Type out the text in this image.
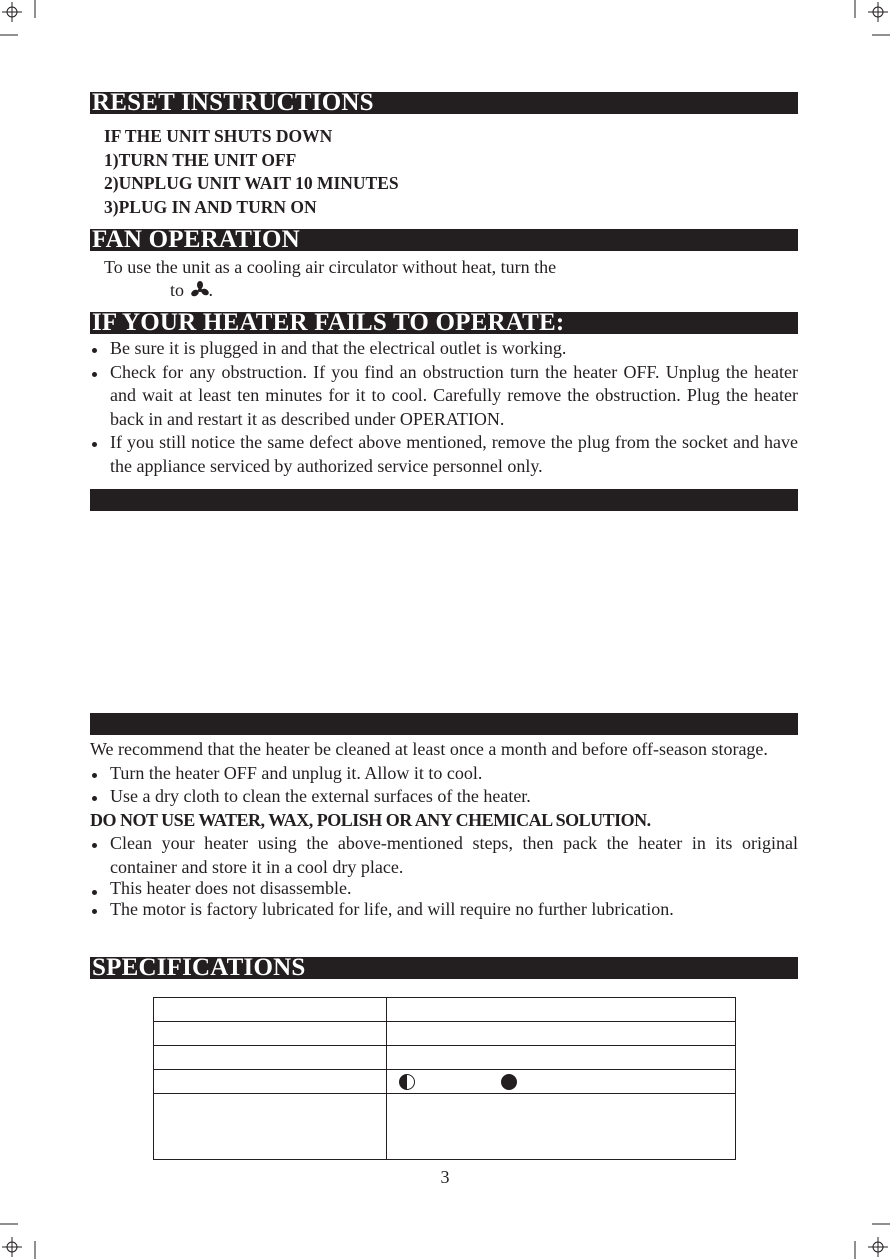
RESET INSTRUCTIONS
IF THE UNIT SHUTS DOWN
1)TURN THE UNIT OFF
2)UNPLUG UNIT WAIT 10 MINUTES
3)PLUG IN AND TURN ON
FAN OPERATION
To use the unit as a cooling air circulator without heat, turn the
to .
IF YOUR HEATER FAILS TO OPERATE:
Be sure it is plugged in and that the electrical outlet is working.
Check for any obstruction. If you find an obstruction turn the heater OFF. Unplug the heater and wait at least ten minutes for it to cool. Carefully remove the obstruction. Plug the heater back in and restart it as described under OPERATION.
If you still notice the same defect above mentioned, remove the plug from the socket and have the appliance serviced by authorized service personnel only.
We recommend that the heater be cleaned at least once a month and before off-season storage.
Turn the heater OFF and unplug it. Allow it to cool.
Use a dry cloth to clean the external surfaces of the heater.
DO NOT USE WATER, WAX, POLISH OR ANY CHEMICAL SOLUTION.
Clean your heater using the above-mentioned steps, then pack the heater in its original container and store it in a cool dry place.
This heater does not disassemble.
The motor is factory lubricated for life, and will require no further lubrication.
SPECIFICATIONS

3
